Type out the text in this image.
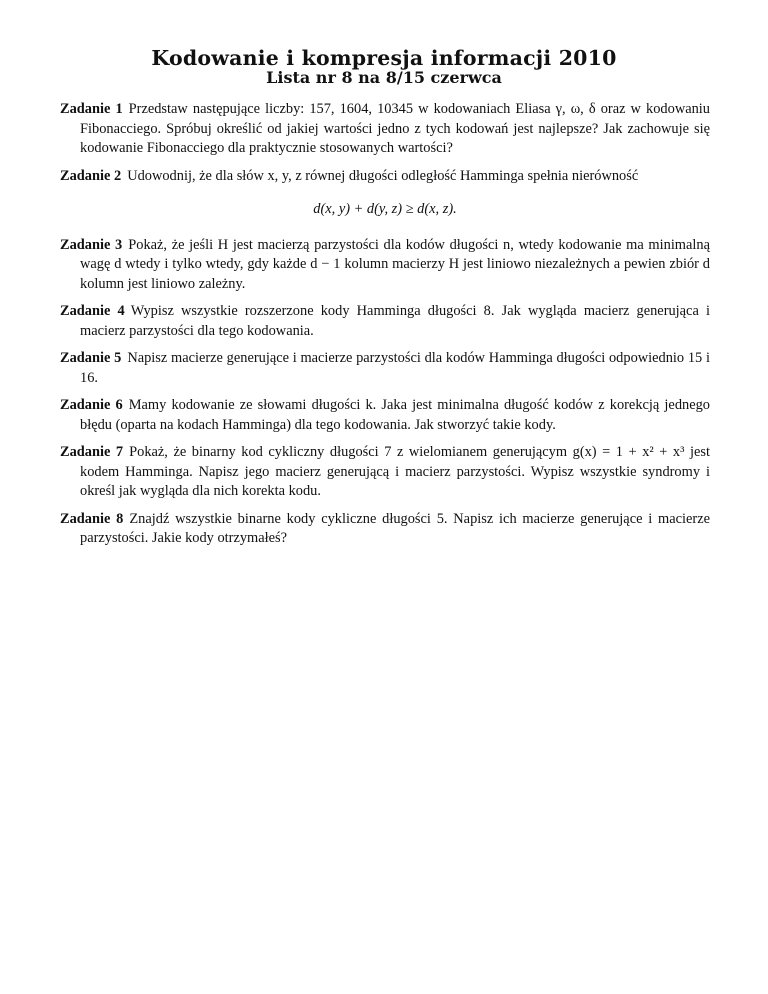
Kodowanie i kompresja informacji 2010
Lista nr 8 na 8/15 czerwca

Zadanie 1 Przedstaw następujące liczby: 157, 1604, 10345 w kodowaniach Eliasa γ, ω, δ oraz w kodowaniu Fibonacciego. Spróbuj określić od jakiej wartości jedno z tych kodowań jest najlepsze? Jak zachowuje się kodowanie Fibonacciego dla praktycznie stosowanych wartości?

Zadanie 2 Udowodnij, że dla słów x, y, z równej długości odległość Hamminga spełnia nierówność

d(x, y) + d(y, z) ≥ d(x, z).

Zadanie 3 Pokaż, że jeśli H jest macierzą parzystości dla kodów długości n, wtedy kodowanie ma minimalną wagę d wtedy i tylko wtedy, gdy każde d − 1 kolumn macierzy H jest liniowo niezależnych a pewien zbiór d kolumn jest liniowo zależny.

Zadanie 4 Wypisz wszystkie rozszerzone kody Hamminga długości 8. Jak wygląda macierz generująca i macierz parzystości dla tego kodowania.

Zadanie 5 Napisz macierze generujące i macierze parzystości dla kodów Hamminga długości odpowiednio 15 i 16.

Zadanie 6 Mamy kodowanie ze słowami długości k. Jaka jest minimalna długość kodów z korekcją jednego błędu (oparta na kodach Hamminga) dla tego kodowania. Jak stworzyć takie kody.

Zadanie 7 Pokaż, że binarny kod cykliczny długości 7 z wielomianem generującym g(x) = 1 + x² + x³ jest kodem Hamminga. Napisz jego macierz generującą i macierz parzystości. Wypisz wszystkie syndromy i określ jak wygląda dla nich korekta kodu.

Zadanie 8 Znajdź wszystkie binarne kody cykliczne długości 5. Napisz ich macierze generujące i macierze parzystości. Jakie kody otrzymałeś?
